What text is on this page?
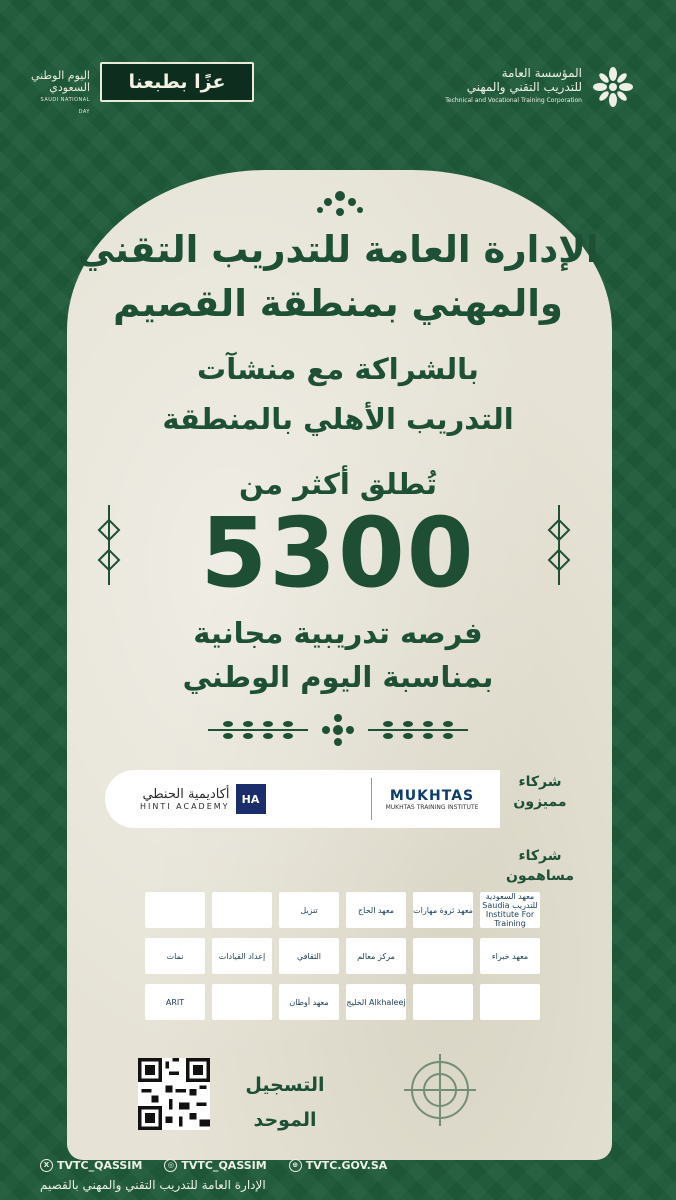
اليوم الوطني السعودي
SAUDI NATIONAL DAY
عزًا بطبعنا	المؤسسة العامة
للتدريب التقني والمهني
Technical and Vocational Training Corporation
الإدارة العامة للتدريب التقني
والمهني بمنطقة القصيم
بالشراكة مع منشآت
التدريب الأهلي بالمنطقة
تُطلق أكثر من
5300
فرصه تدريبية مجانية
بمناسبة اليوم الوطني
أكاديمية الحنطي
HINTI ACADEMY
HA	MUKHTAS
MUKHTAS TRAINING INSTITUTE
شركاء
مميزون
شركاء
مساهمون
معهد السعودية للتدريب Saudia Institute For Training
معهد ثروة مهارات
معهد الحاج
تنزيل
معهد خبراء
مركز معالم
الثقافي
إعداد القيادات
نمات
Alkhaleej الخليج
معهد أوطان
ARIT
التسجيل
الموحد
X TVTC_QASSIM	◎ TVTC_QASSIM	⊕ TVTC.GOV.SA
الإدارة العامة للتدريب التقني والمهني بالقصيم
